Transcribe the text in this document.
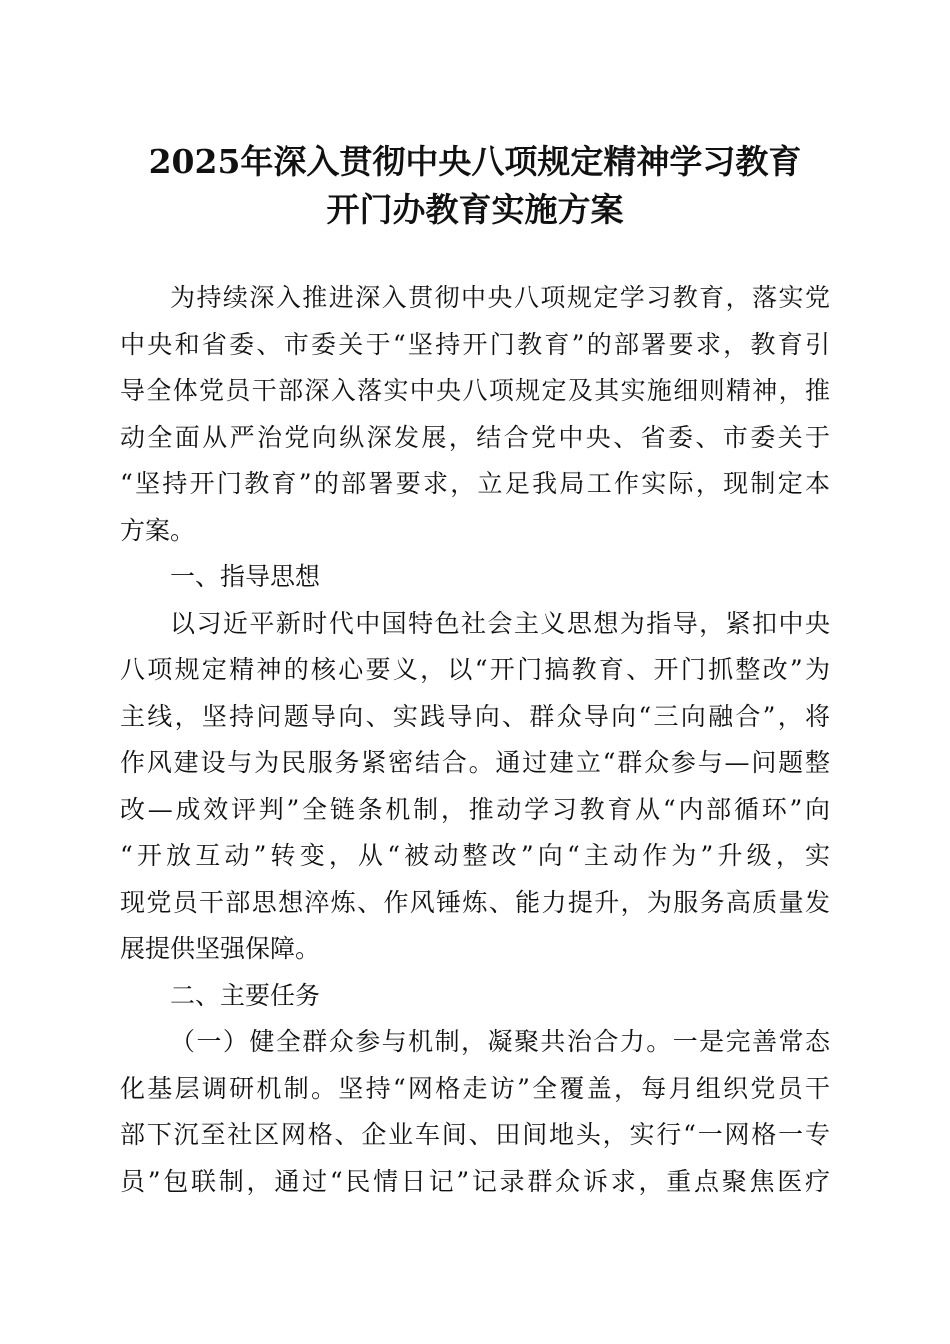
2025年深入贯彻中央八项规定精神学习教育
开门办教育实施方案
为持续深入推进深入贯彻中央八项规定学习教育，落实党
中央和省委、市委关于“坚持开门教育”的部署要求，教育引
导全体党员干部深入落实中央八项规定及其实施细则精神，推
动全面从严治党向纵深发展，结合党中央、省委、市委关于
“坚持开门教育”的部署要求，立足我局工作实际，现制定本
方案。
一、指导思想
以习近平新时代中国特色社会主义思想为指导，紧扣中央
八项规定精神的核心要义，以“开门搞教育、开门抓整改”为
主线，坚持问题导向、实践导向、群众导向“三向融合”，将
作风建设与为民服务紧密结合。通过建立“群众参与—问题整
改—成效评判”全链条机制，推动学习教育从“内部循环”向
“开放互动”转变，从“被动整改”向“主动作为”升级，实
现党员干部思想淬炼、作风锤炼、能力提升，为服务高质量发
展提供坚强保障。
二、主要任务
（一）健全群众参与机制，凝聚共治合力。一是完善常态
化基层调研机制。坚持“网格走访”全覆盖，每月组织党员干
部下沉至社区网格、企业车间、田间地头，实行“一网格一专
员”包联制，通过“民情日记”记录群众诉求，重点聚焦医疗
